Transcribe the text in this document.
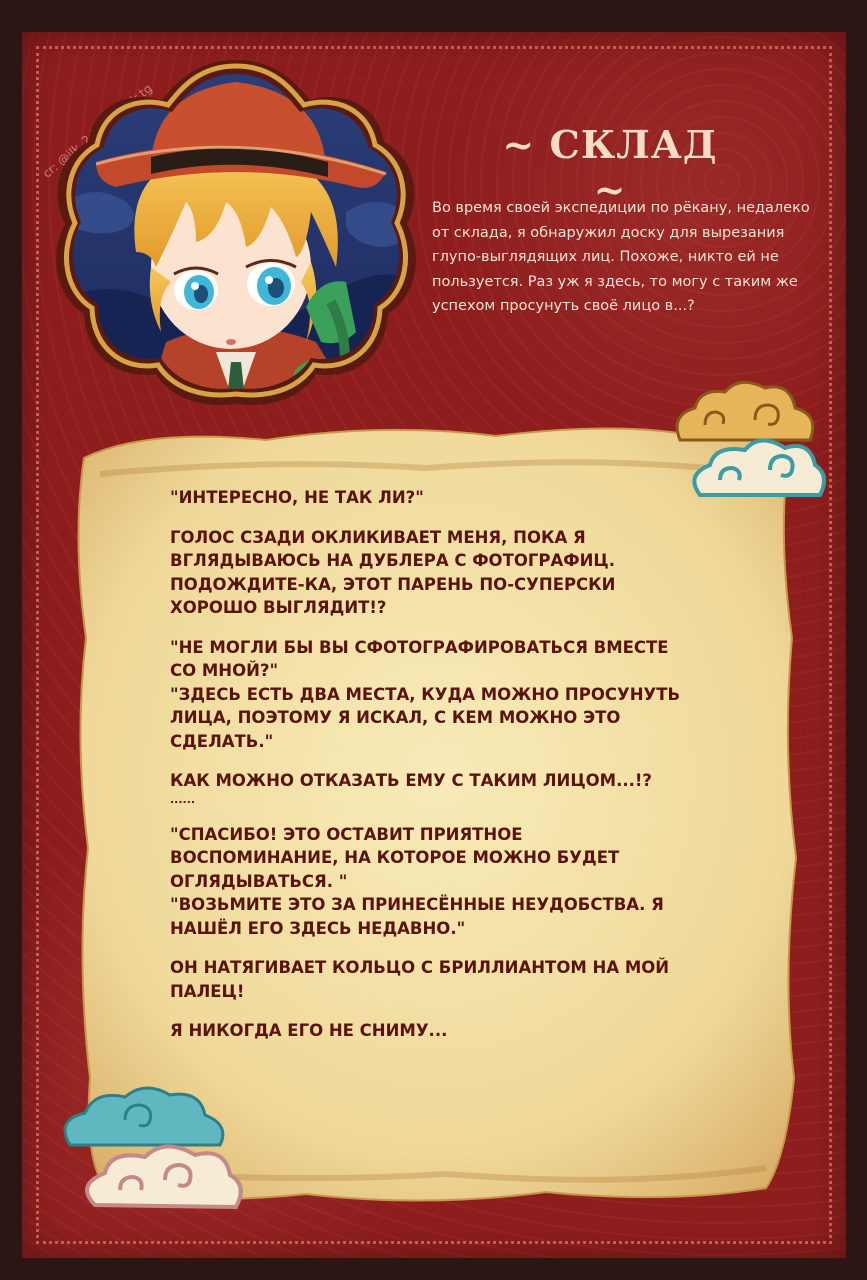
cr: @ilk_2d tg
~ СКЛАД ~
Во время своей экспедиции по рёкану, недалеко от склада, я обнаружил доску для вырезания глупо-выглядящих лиц. Похоже, никто ей не пользуется. Раз уж я здесь, то могу с таким же успехом просунуть своё лицо в...?

"ИНТЕРЕСНО, НЕ ТАК ЛИ?"

ГОЛОС СЗАДИ ОКЛИКИВАЕТ МЕНЯ, ПОКА Я ВГЛЯДЫВАЮСЬ НА ДУБЛЕРА С ФОТОГРАФИЦ. ПОДОЖДИТЕ-КА, ЭТОТ ПАРЕНЬ ПО-СУПЕРСКИ ХОРОШО ВЫГЛЯДИТ!?

"НЕ МОГЛИ БЫ ВЫ СФОТОГРАФИРОВАТЬСЯ ВМЕСТЕ СО МНОЙ?"

"ЗДЕСЬ ЕСТЬ ДВА МЕСТА, КУДА МОЖНО ПРОСУНУТЬ ЛИЦА, ПОЭТОМУ Я ИСКАЛ, С КЕМ МОЖНО ЭТО СДЕЛАТЬ."

КАК МОЖНО ОТКАЗАТЬ ЕМУ С ТАКИМ ЛИЦОМ...!?

......

"СПАСИБО! ЭТО ОСТАВИТ ПРИЯТНОЕ ВОСПОМИНАНИЕ, НА КОТОРОЕ МОЖНО БУДЕТ ОГЛЯДЫВАТЬСЯ. "

"ВОЗЬМИТЕ ЭТО ЗА ПРИНЕСЁННЫЕ НЕУДОБСТВА. Я НАШЁЛ ЕГО ЗДЕСЬ НЕДАВНО."

ОН НАТЯГИВАЕТ КОЛЬЦО С БРИЛЛИАНТОМ НА МОЙ ПАЛЕЦ!

Я НИКОГДА ЕГО НЕ СНИМУ...
